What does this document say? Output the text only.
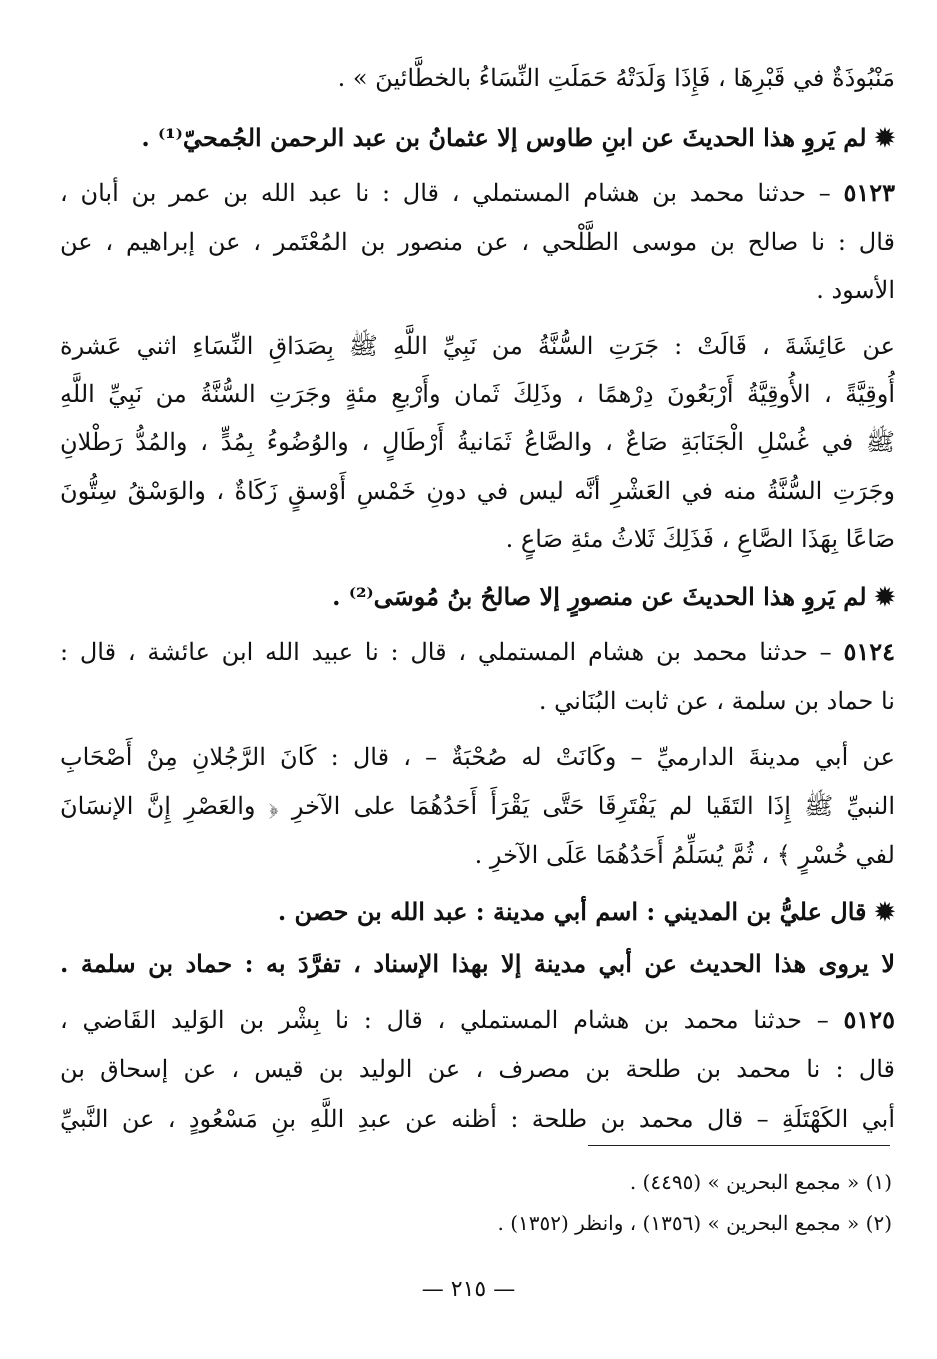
مَنْبُوذَةٌ في قَبْرِهَا ، فَإِذَا وَلَدَتْهُ حَمَلَتِ النِّسَاءُ بالخطَّائينَ » .
✹ لم يَروِ هذا الحديثَ عن ابنِ طاوس إلا عثمانُ بن عبد الرحمن الجُمحيّ⁽¹⁾ .
٥١٢٣ – حدثنا محمد بن هشام المستملي ، قال : نا عبد الله بن عمر بن أبان ،
قال : نا صالح بن موسى الطَّلْحي ، عن منصور بن المُعْتَمر ، عن إبراهيم ، عن
الأسود .
عن عَائِشَةَ ، قَالَتْ : جَرَتِ السُّنَّةُ من نَبِيِّ اللَّهِ ﷺ بِصَدَاقِ النِّسَاءِ اثني عَشرة
أُوقِيَّةً ، الأُوقِيَّةُ أَرْبَعُونَ دِرْهمًا ، وذَلِكَ ثَمان وأَرْبعِ مئةٍ وجَرَتِ السُّنَّةُ من نَبِيِّ اللَّهِ
ﷺ في غُسْلِ الْجَنَابَةِ صَاعٌ ، والصَّاعُ ثَمَانيةُ أَرْطَالٍ ، والوُضُوءُ بِمُدٍّ ، والمُدُّ رَطْلانِ
وجَرَتِ السُّنَّةُ منه في العَشْرِ أنَّه ليس في دونِ خَمْسِ أَوْسقٍ زَكَاةٌ ، والوَسْقُ سِتُّونَ
صَاعًا بِهَذَا الصَّاعِ ، فَذَلِكَ ثَلاثُ مئةِ صَاعٍ .
✹ لم يَروِ هذا الحديثَ عن منصورٍ إلا صالحُ بنُ مُوسَى⁽²⁾ .
٥١٢٤ – حدثنا محمد بن هشام المستملي ، قال : نا عبيد الله ابن عائشة ، قال :
نا حماد بن سلمة ، عن ثابت البُنَاني .
عن أبي مدينةَ الدارميِّ – وكَانَتْ له صُحْبَةٌ – ، قال : كَانَ الرَّجُلانِ مِنْ أَصْحَابِ
النبيِّ ﷺ إِذَا التَقَيا لم يَفْتَرِقَا حَتَّى يَقْرَأَ أَحَدُهُمَا على الآخرِ ﴿ والعَصْرِ إِنَّ الإنسَانَ
لفي خُسْرٍ ﴾ ، ثُمَّ يُسَلِّمُ أَحَدُهُمَا عَلَى الآخرِ .
✹ قال عليُّ بن المديني : اسم أبي مدينة : عبد الله بن حصن .
لا يروى هذا الحديث عن أبي مدينة إلا بهذا الإسناد ، تفرَّدَ به : حماد بن سلمة .
٥١٢٥ – حدثنا محمد بن هشام المستملي ، قال : نا بِشْر بن الوَليد القَاضي ،
قال : نا محمد بن طلحة بن مصرف ، عن الوليد بن قيس ، عن إسحاق بن
أبي الكَهْتَلَةِ – قال محمد بن طلحة : أظنه عن عبدِ اللَّهِ بنِ مَسْعُودٍ ، عن النَّبيِّ
(١) « مجمع البحرين » (٤٤٩٥) .
(٢) « مجمع البحرين » (١٣٥٦) ، وانظر (١٣٥٢) .
— ٢١٥ —
